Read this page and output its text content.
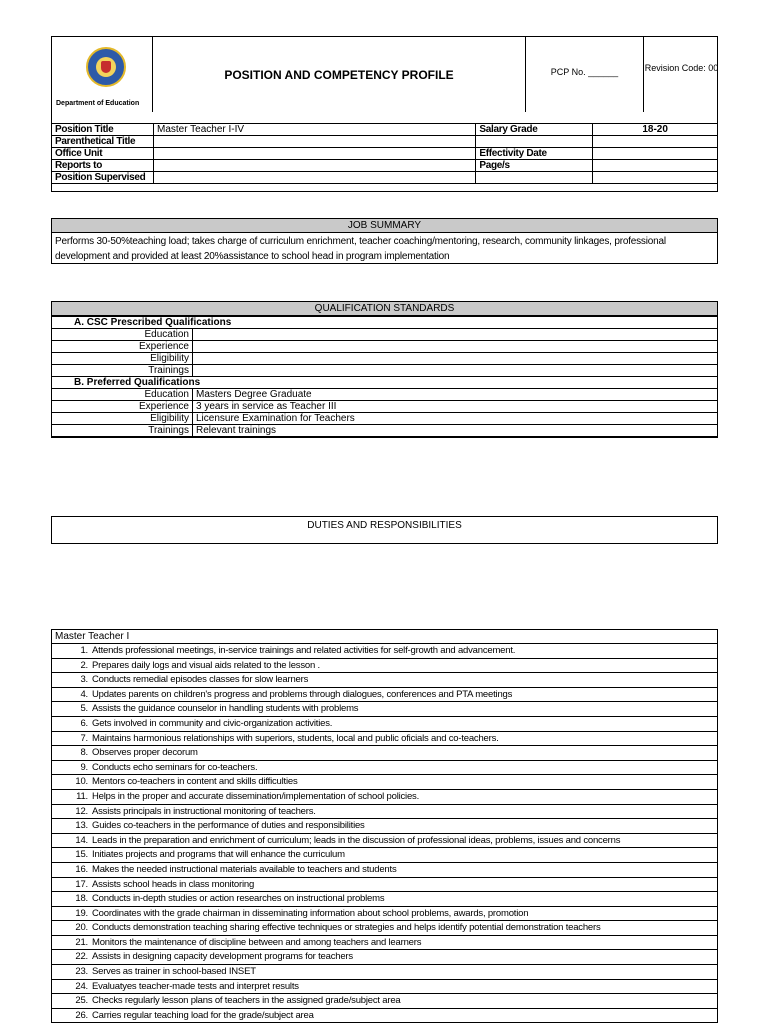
Department of Education
POSITION AND COMPETENCY PROFILE	PCP No. ______	Revision Code: 00
Position Title	Master Teacher I-IV	Salary Grade	18-20
Parenthetical Title			
Office Unit		Effectivity Date	
Reports to		Page/s	
Position Supervised			
JOB SUMMARY
Performs 30-50%teaching load; takes charge of curriculum enrichment, teacher coaching/mentoring, research, community linkages, professional
development and provided at least 20%assistance to school head in program implementation
QUALIFICATION STANDARDS
A. CSC Prescribed Qualifications	
Education	
Experience	
Eligibility	
Trainings	
B. Preferred Qualifications	
Education	Masters Degree Graduate
Experience	3 years in service as Teacher III
Eligibility	Licensure Examination for Teachers
Trainings	Relevant trainings
DUTIES AND RESPONSIBILITIES
Master Teacher I
1. Attends professional meetings, in-service trainings and related activities for self-growth and advancement.
2. Prepares daily logs and visual aids related to the lesson .
3. Conducts remedial episodes classes for slow learners
4. Updates parents on children's progress and problems through dialogues, conferences and PTA meetings
5. Assists the guidance counselor in handling students with problems
6. Gets involved in community and civic-organization activities.
7. Maintains harmonious relationships with superiors, students, local and public oficials and co-teachers.
8. Observes proper decorum
9. Conducts echo seminars for co-teachers.
10. Mentors co-teachers in content and skills difficulties
11. Helps in the proper and accurate dissemination/implementation of school policies.
12. Assists principals in instructional monitoring of teachers.
13. Guides co-teachers in the performance of duties and responsibilities
14. Leads in the preparation and enrichment of curriculum; leads in the discussion of professional ideas, problems, issues and concerns
15. Initiates projects and programs that will enhance the curriculum
16. Makes the needed instructional materials available to teachers and students
17. Assists school heads in class monitoring
18. Conducts in-depth studies or action researches on instructional problems
19. Coordinates with the grade chairman in disseminating information about school problems, awards, promotion
20. Conducts demonstration teaching sharing effective techniques or strategies and helps identify potential demonstration teachers
21. Monitors the maintenance of discipline between and among teachers and learners
22. Assists in designing capacity development programs for teachers
23. Serves as trainer in school-based INSET
24. Evaluatyes teacher-made tests and interpret results
25. Checks regularly lesson plans of teachers in the assigned grade/subject area
26. Carries regular teaching load for the grade/subject area
